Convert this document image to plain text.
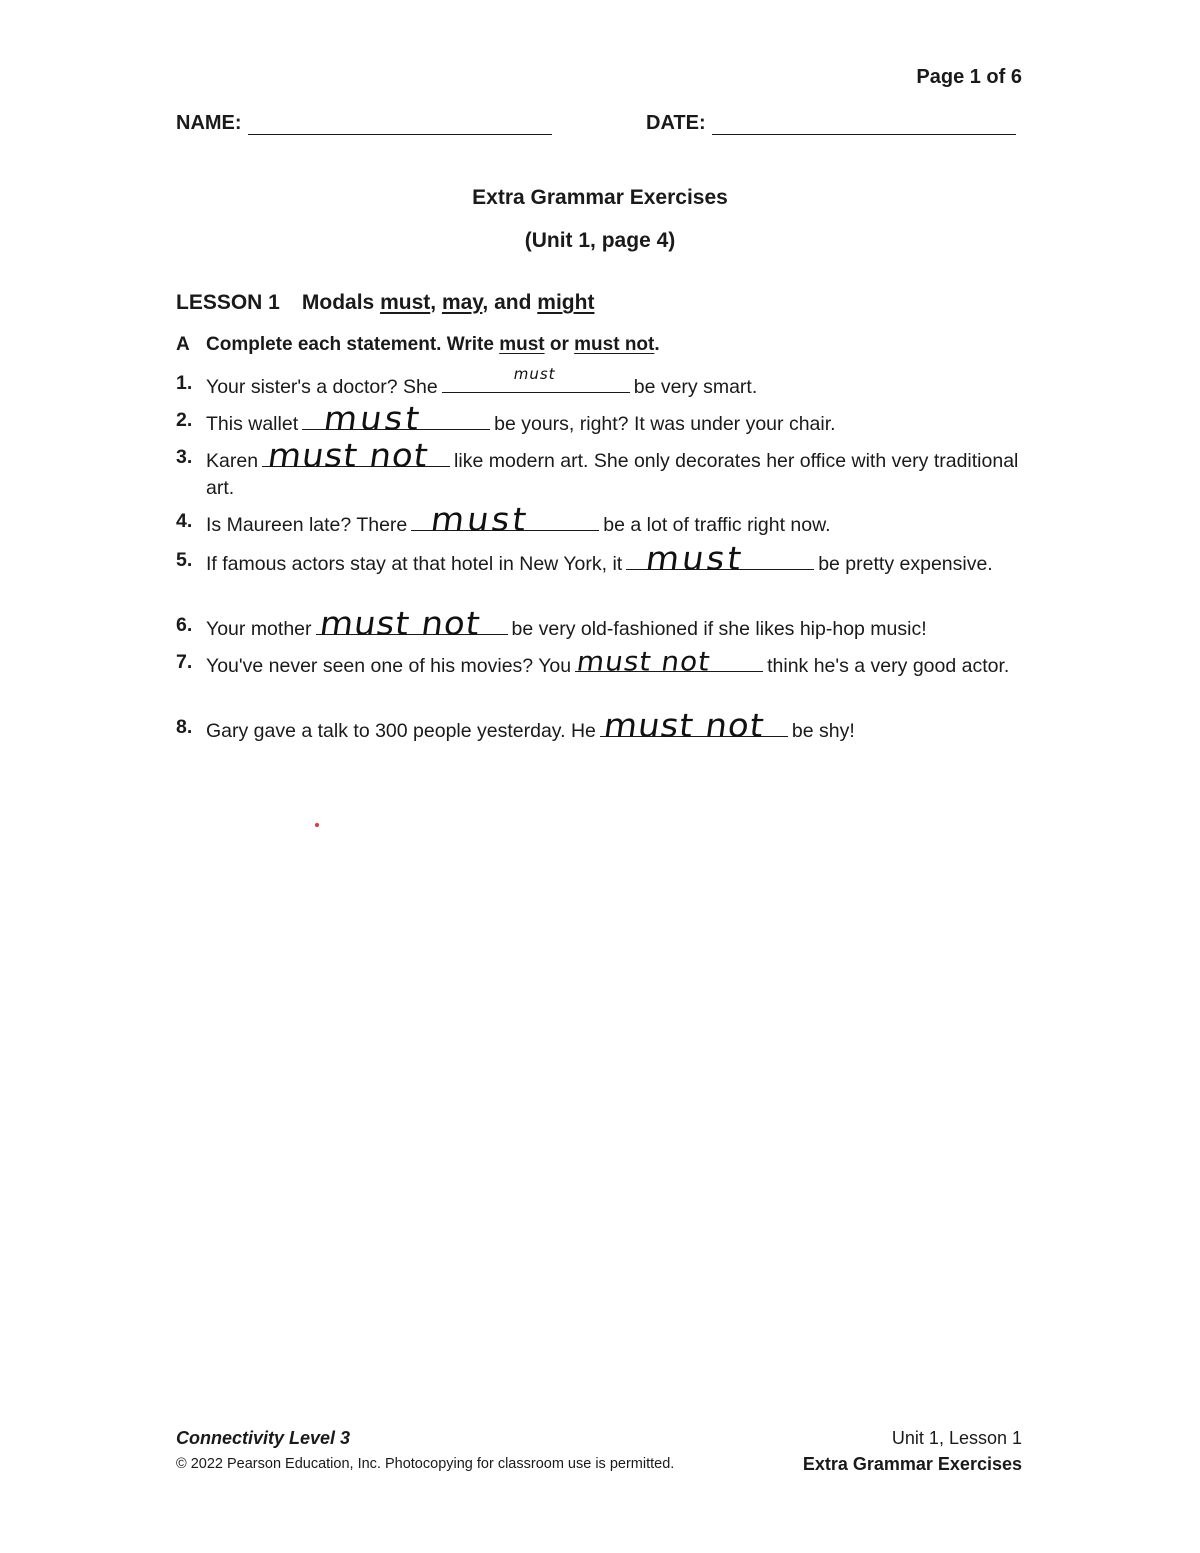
Page 1 of 6
NAME:	DATE:
Extra Grammar Exercises
(Unit 1, page 4)
LESSON 1 Modals must, may, and might
A Complete each statement. Write must or must not.
1. Your sister's a doctor? She
must
be very smart.
2. This wallet must	be yours, right? It was under your chair.
3. Karen must not like modern art. She only decorates her office with very traditional art.
4. Is Maureen late? There must	be a lot of traffic right now.
5. If famous actors stay at that hotel in New York, it must	be pretty expensive.
6. Your mother must not be very old-fashioned if she likes hip-hop music!
7. You've never seen one of his movies? You must not	think he's a very good actor.
8. Gary gave a talk to 300 people yesterday. He must not be shy!
Connectivity Level 3
© 2022 Pearson Education, Inc. Photocopying for classroom use is permitted.
Unit 1, Lesson 1
Extra Grammar Exercises
